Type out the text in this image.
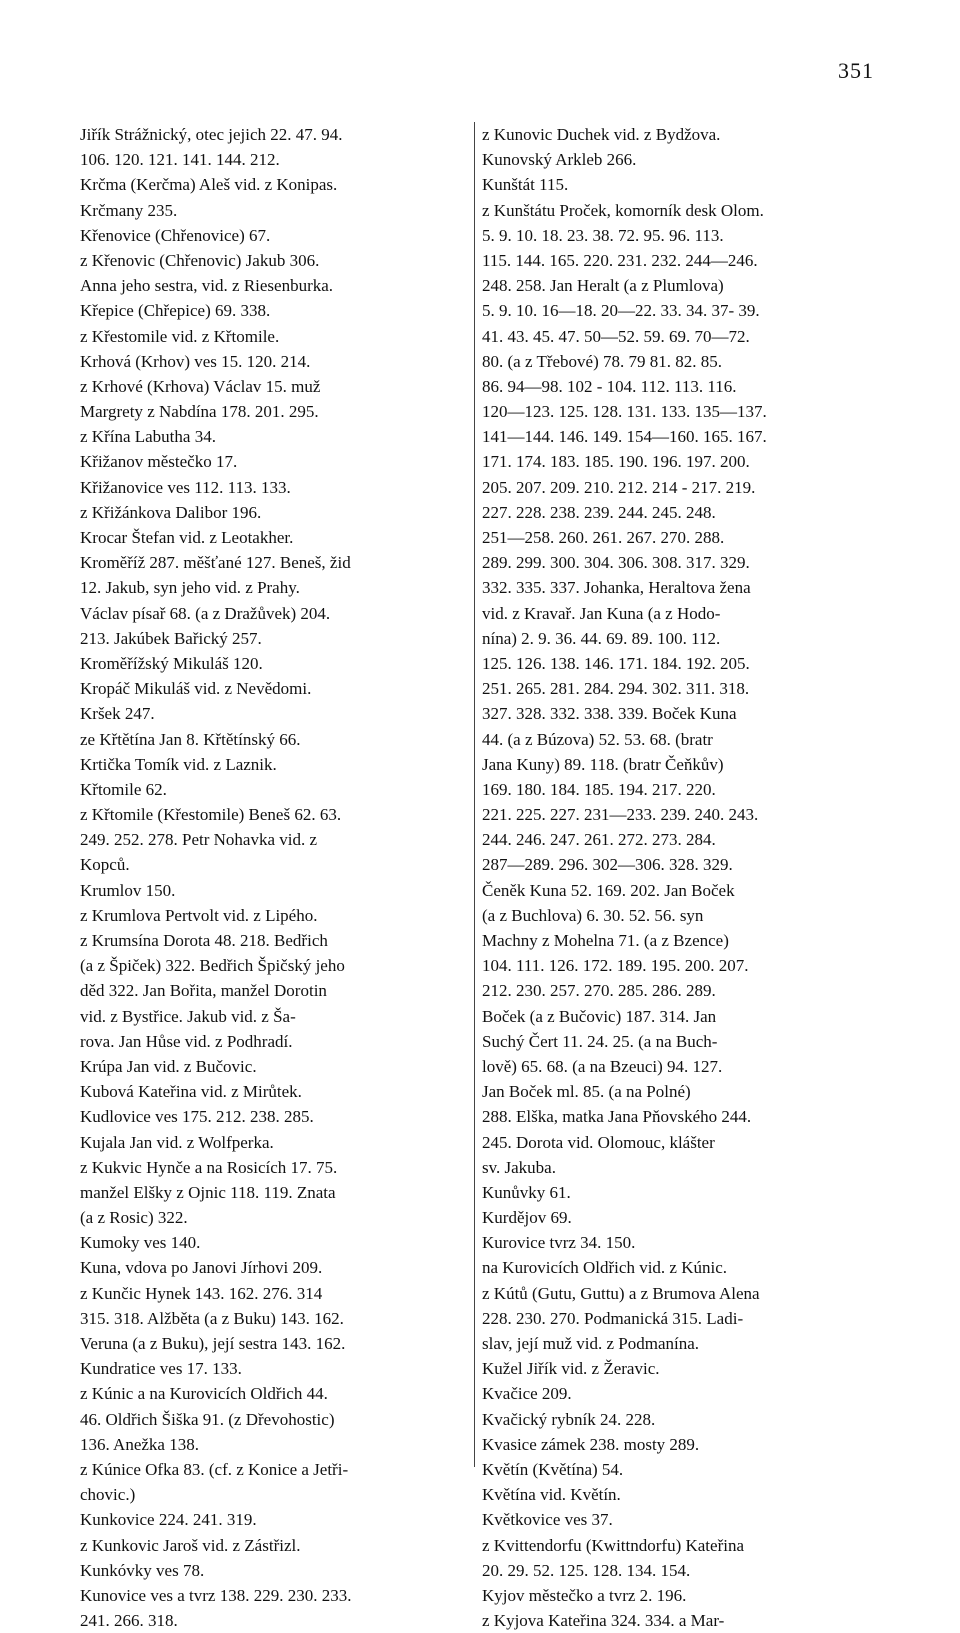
351
Jiřík Strážnický, otec jejich 22. 47. 94.
106. 120. 121. 141. 144. 212.
Krčma (Kerčma) Aleš vid. z Konipas.
Krčmany 235.
Křenovice (Chřenovice) 67.
z Křenovic (Chřenovic) Jakub 306.
Anna jeho sestra, vid. z Riesenburka.
Křepice (Chřepice) 69. 338.
z Křestomile vid. z Křtomile.
Krhová (Krhov) ves 15. 120. 214.
z Krhové (Krhova) Václav 15. muž
Margrety z Nabdína 178. 201. 295.
z Křína Labutha 34.
Křižanov městečko 17.
Křižanovice ves 112. 113. 133.
z Křižánkova Dalibor 196.
Krocar Štefan vid. z Leotakher.
Kroměříž 287. měšťané 127. Beneš, žid
12. Jakub, syn jeho vid. z Prahy.
Václav písař 68. (a z Dražůvek) 204.
213. Jakúbek Bařický 257.
Kroměřížský Mikuláš 120.
Kropáč Mikuláš vid. z Nevědomi.
Kršek 247.
ze Křtětína Jan 8. Křtětínský 66.
Krtička Tomík vid. z Laznik.
Křtomile 62.
z Křtomile (Křestomile) Beneš 62. 63.
249. 252. 278. Petr Nohavka vid. z
Kopců.
Krumlov 150.
z Krumlova Pertvolt vid. z Lipého.
z Krumsína Dorota 48. 218. Bedřich
(a z Špiček) 322. Bedřich Špičský jeho
děd 322. Jan Bořita, manžel Dorotin
vid. z Bystřice. Jakub vid. z Ša-
rova. Jan Hůse vid. z Podhradí.
Krúpa Jan vid. z Bučovic.
Kubová Kateřina vid. z Mirůtek.
Kudlovice ves 175. 212. 238. 285.
Kujala Jan vid. z Wolfperka.
z Kukvic Hynče a na Rosicích 17. 75.
manžel Elšky z Ojnic 118. 119. Znata
(a z Rosic) 322.
Kumoky ves 140.
Kuna, vdova po Janovi Jírhovi 209.
z Kunčic Hynek 143. 162. 276. 314
315. 318. Alžběta (a z Buku) 143. 162.
Veruna (a z Buku), její sestra 143. 162.
Kundratice ves 17. 133.
z Kúnic a na Kurovicích Oldřich 44.
46. Oldřich Šiška 91. (z Dřevohostic)
136. Anežka 138.
z Kúnice Ofka 83. (cf. z Konice a Jetři-
chovic.)
Kunkovice 224. 241. 319.
z Kunkovic Jaroš vid. z Zástřizl.
Kunkóvky ves 78.
Kunovice ves a tvrz 138. 229. 230. 233.
241. 266. 318.
z Kunovic Duchek vid. z Bydžova.
Kunovský Arkleb 266.
Kunštát 115.
z Kunštátu Proček, komorník desk Olom.
5. 9. 10. 18. 23. 38. 72. 95. 96. 113.
115. 144. 165. 220. 231. 232. 244—246.
248. 258. Jan Heralt (a z Plumlova)
5. 9. 10. 16—18. 20—22. 33. 34. 37- 39.
41. 43. 45. 47. 50—52. 59. 69. 70—72.
80. (a z Třebové) 78. 79 81. 82. 85.
86. 94—98. 102 - 104. 112. 113. 116.
120—123. 125. 128. 131. 133. 135—137.
141—144. 146. 149. 154—160. 165. 167.
171. 174. 183. 185. 190. 196. 197. 200.
205. 207. 209. 210. 212. 214 - 217. 219.
227. 228. 238. 239. 244. 245. 248.
251—258. 260. 261. 267. 270. 288.
289. 299. 300. 304. 306. 308. 317. 329.
332. 335. 337. Johanka, Heraltova žena
vid. z Kravař. Jan Kuna (a z Hodo-
nína) 2. 9. 36. 44. 69. 89. 100. 112.
125. 126. 138. 146. 171. 184. 192. 205.
251. 265. 281. 284. 294. 302. 311. 318.
327. 328. 332. 338. 339. Boček Kuna
44. (a z Búzova) 52. 53. 68. (bratr
Jana Kuny) 89. 118. (bratr Čeňkův)
169. 180. 184. 185. 194. 217. 220.
221. 225. 227. 231—233. 239. 240. 243.
244. 246. 247. 261. 272. 273. 284.
287—289. 296. 302—306. 328. 329.
Čeněk Kuna 52. 169. 202. Jan Boček
(a z Buchlova) 6. 30. 52. 56. syn
Machny z Mohelna 71. (a z Bzence)
104. 111. 126. 172. 189. 195. 200. 207.
212. 230. 257. 270. 285. 286. 289.
Boček (a z Bučovic) 187. 314. Jan
Suchý Čert 11. 24. 25. (a na Buch-
lově) 65. 68. (a na Bzeuci) 94. 127.
Jan Boček ml. 85. (a na Polné)
288. Elška, matka Jana Pňovského 244.
245. Dorota vid. Olomouc, klášter
sv. Jakuba.
Kunůvky 61.
Kurdějov 69.
Kurovice tvrz 34. 150.
na Kurovicích Oldřich vid. z Kúnic.
z Kútů (Gutu, Guttu) a z Brumova Alena
228. 230. 270. Podmanická 315. Ladi-
slav, její muž vid. z Podmanína.
Kužel Jiřík vid. z Žeravic.
Kvačice 209.
Kvačický rybník 24. 228.
Kvasice zámek 238. mosty 289.
Květín (Květína) 54.
Květína vid. Květín.
Květkovice ves 37.
z Kvittendorfu (Kwittndorfu) Kateřina
20. 29. 52. 125. 128. 134. 154.
Kyjov městečko a tvrz 2. 196.
z Kyjova Kateřina 324. 334. a Mar-
